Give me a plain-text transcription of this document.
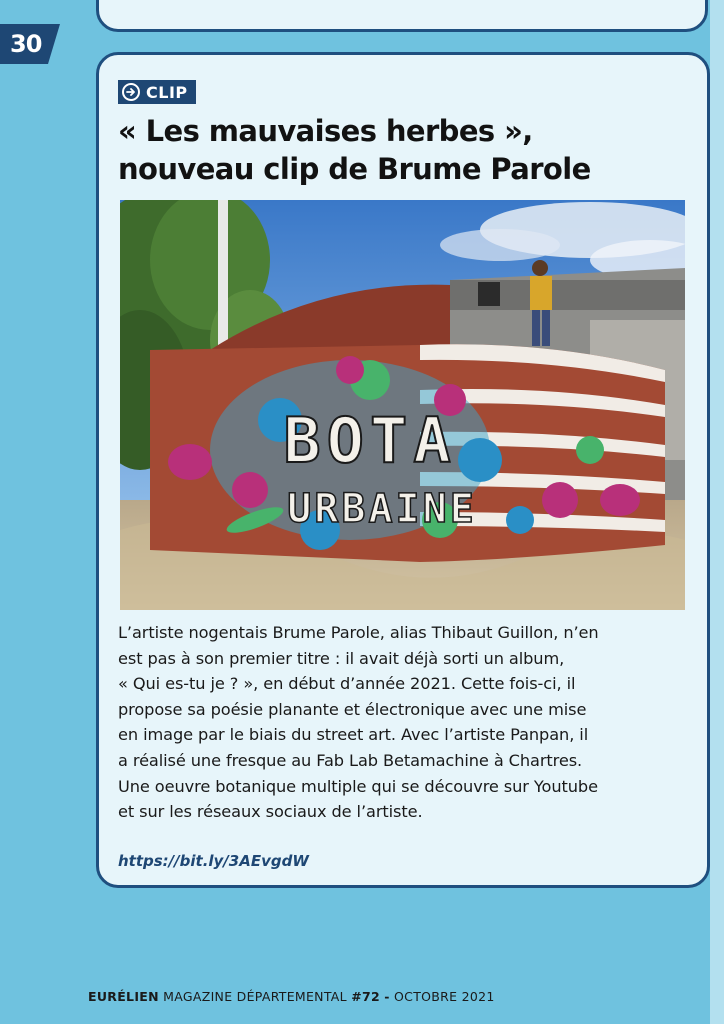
30
CLIP
« Les mauvaises herbes »,
nouveau clip de Brume Parole
BOTA
URBAINE
L’artiste nogentais Brume Parole, alias Thibaut Guillon, n’en
est pas à son premier titre : il avait déjà sorti un album,
« Qui es-tu je ? », en début d’année 2021. Cette fois-ci, il
propose sa poésie planante et électronique avec une mise
en image par le biais du street art. Avec l’artiste Panpan, il
a réalisé une fresque au Fab Lab Betamachine à Chartres.
Une oeuvre botanique multiple qui se découvre sur Youtube
et sur les réseaux sociaux de l’artiste.
https://bit.ly/3AEvgdW
EURÉLIEN MAGAZINE DÉPARTEMENTAL #72 - OCTOBRE 2021
